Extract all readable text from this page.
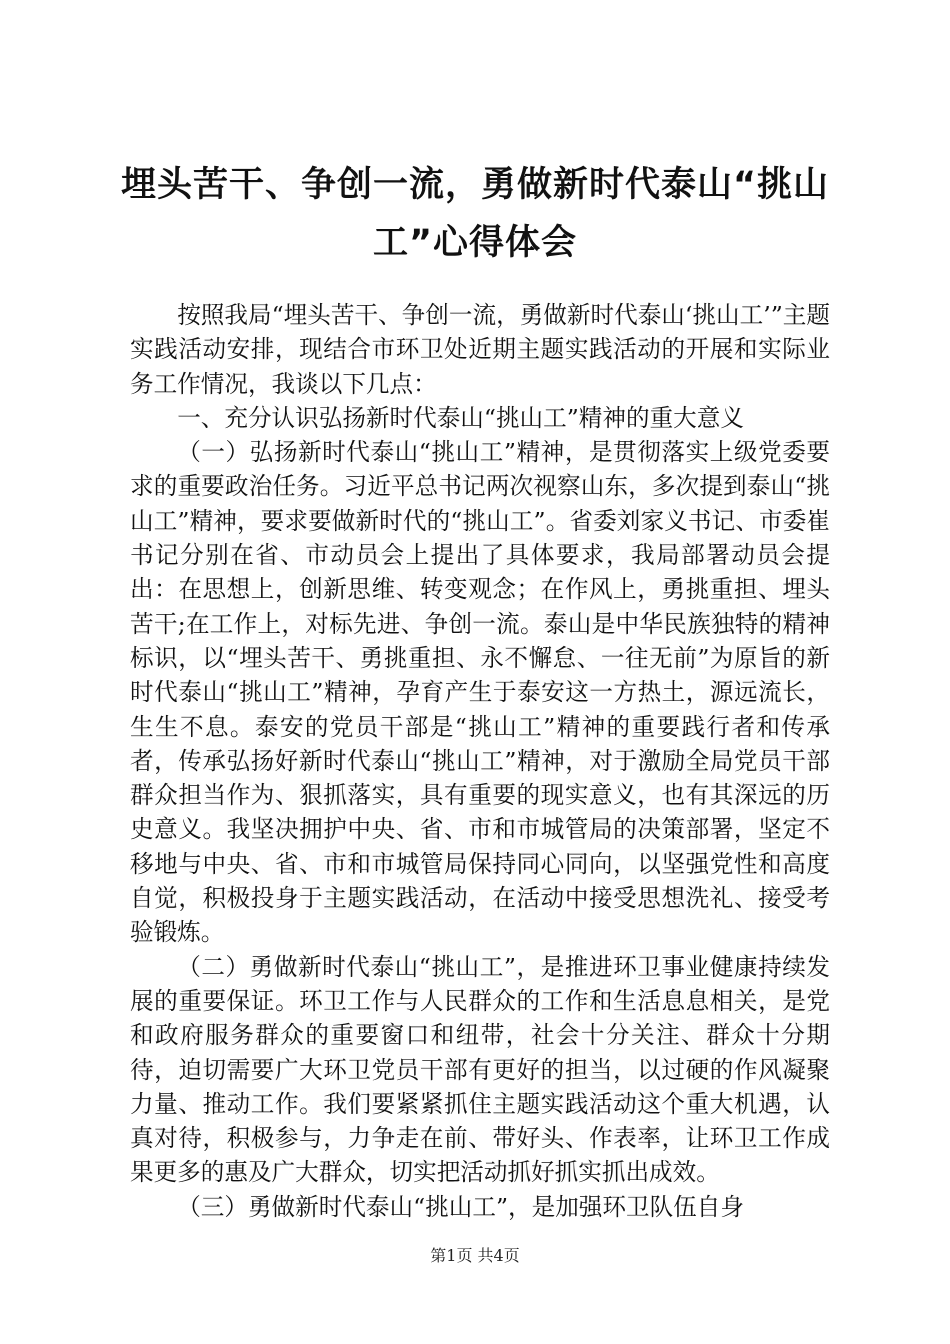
埋头苦干、争创一流，勇做新时代泰山“挑山工”心得体会

按照我局“埋头苦干、争创一流，勇做新时代泰山‘挑山工’”主题实践活动安排，现结合市环卫处近期主题实践活动的开展和实际业务工作情况，我谈以下几点：

一、充分认识弘扬新时代泰山“挑山工”精神的重大意义

（一）弘扬新时代泰山“挑山工”精神，是贯彻落实上级党委要求的重要政治任务。习近平总书记两次视察山东，多次提到泰山“挑山工”精神，要求要做新时代的“挑山工”。省委刘家义书记、市委崔书记分别在省、市动员会上提出了具体要求，我局部署动员会提出：在思想上，创新思维、转变观念；在作风上，勇挑重担、埋头苦干;在工作上，对标先进、争创一流。泰山是中华民族独特的精神标识，以“埋头苦干、勇挑重担、永不懈怠、一往无前”为原旨的新时代泰山“挑山工”精神，孕育产生于泰安这一方热土，源远流长，生生不息。泰安的党员干部是“挑山工”精神的重要践行者和传承者，传承弘扬好新时代泰山“挑山工”精神，对于激励全局党员干部群众担当作为、狠抓落实，具有重要的现实意义，也有其深远的历史意义。我坚决拥护中央、省、市和市城管局的决策部署，坚定不移地与中央、省、市和市城管局保持同心同向，以坚强党性和高度自觉，积极投身于主题实践活动，在活动中接受思想洗礼、接受考验锻炼。

（二）勇做新时代泰山“挑山工”，是推进环卫事业健康持续发展的重要保证。环卫工作与人民群众的工作和生活息息相关，是党和政府服务群众的重要窗口和纽带，社会十分关注、群众十分期待，迫切需要广大环卫党员干部有更好的担当，以过硬的作风凝聚力量、推动工作。我们要紧紧抓住主题实践活动这个重大机遇，认真对待，积极参与，力争走在前、带好头、作表率，让环卫工作成果更多的惠及广大群众，切实把活动抓好抓实抓出成效。

（三）勇做新时代泰山“挑山工”，是加强环卫队伍自身

第1页 共4页
